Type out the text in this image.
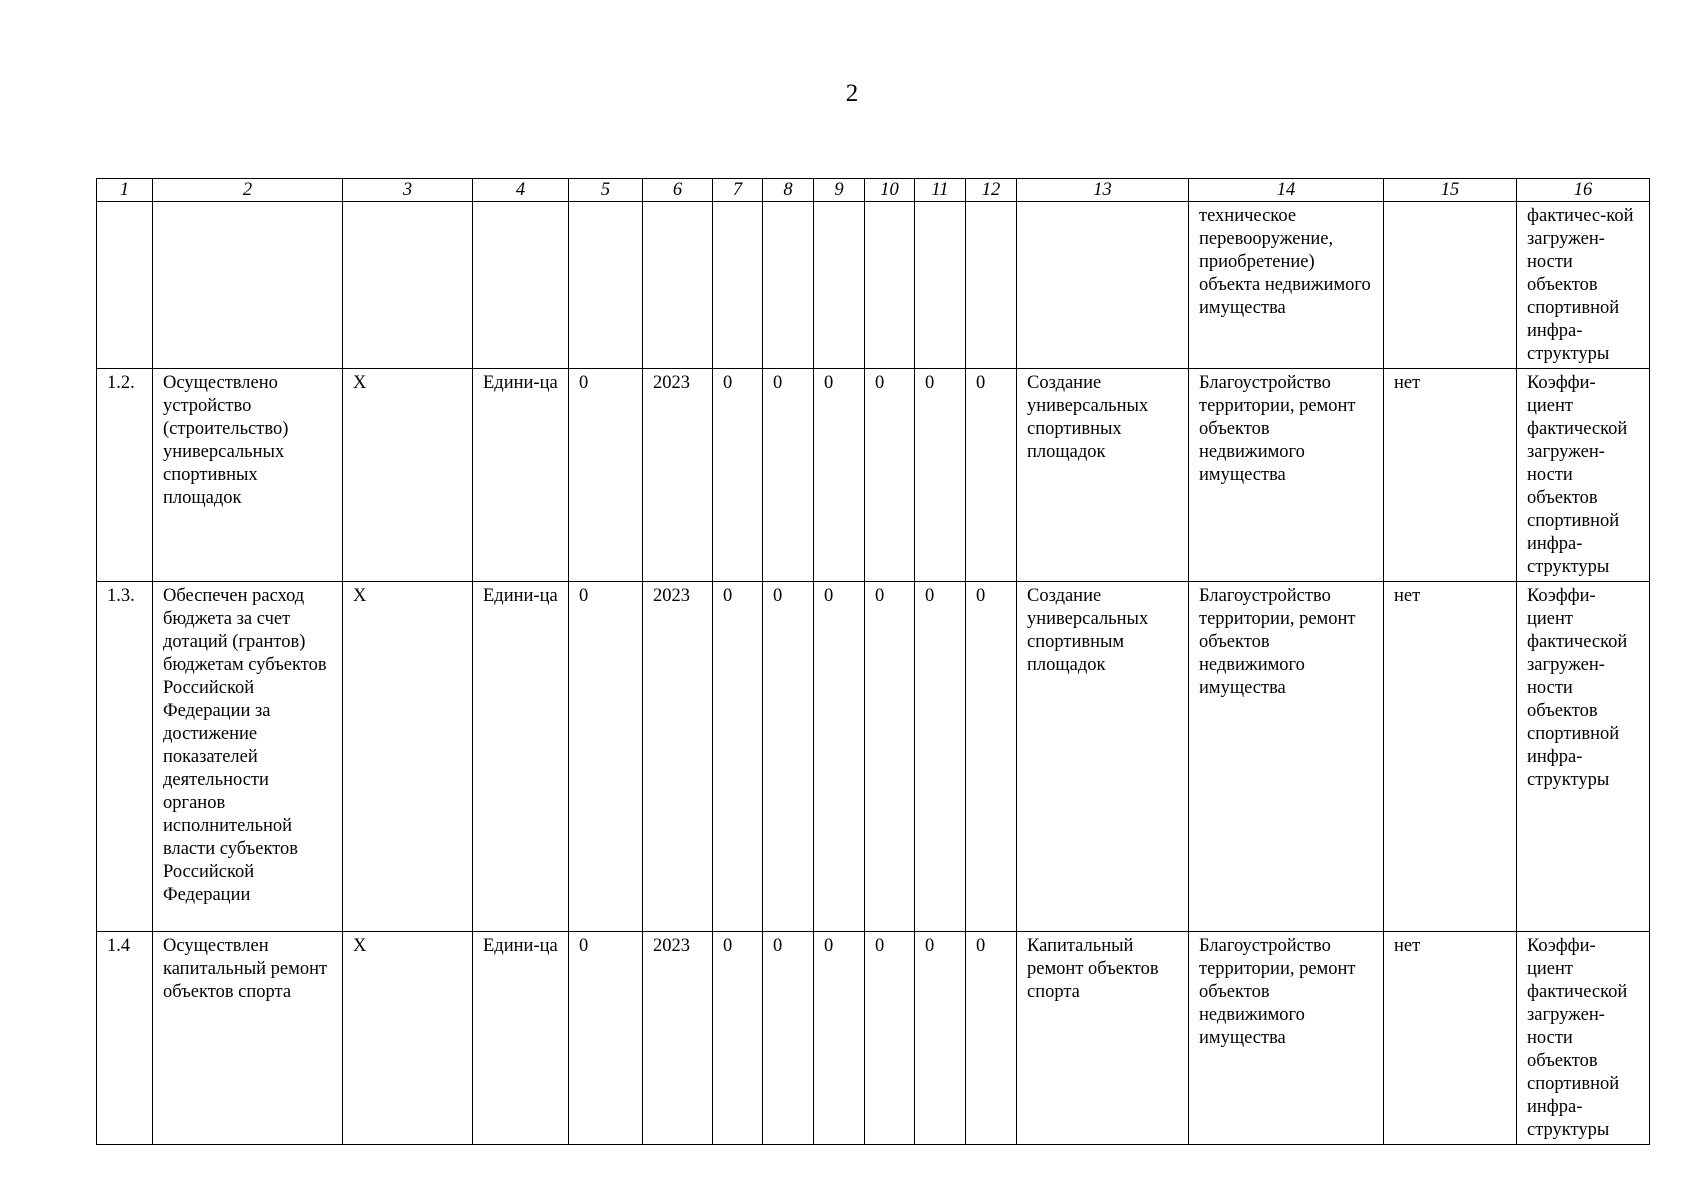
2
1	2	3	4	5	6	7	8	9	10	11	12	13	14	15	16
													техническое перевооружение, приобретение) объекта недвижимого имущества		фактичес-кой загружен-ности объектов спортивной инфра-структуры
1.2.	Осуществлено устройство (строительство) универсальных спортивных площадок	X	Едини-ца	0	2023	0	0	0	0	0	0	Создание универсальных спортивных площадок	Благоустройство территории, ремонт объектов недвижимого имущества	нет	Коэффи-циент фактической загружен-ности объектов спортивной инфра-структуры
1.3.	Обеспечен расход бюджета за счет дотаций (грантов) бюджетам субъектов Российской Федерации за достижение показателей деятельности органов исполнительной власти субъектов Российской Федерации	X	Едини-ца	0	2023	0	0	0	0	0	0	Создание универсальных спортивным площадок	Благоустройство территории, ремонт объектов недвижимого имущества	нет	Коэффи-циент фактической загружен-ности объектов спортивной инфра-структуры
1.4	Осуществлен капитальный ремонт объектов спорта	X	Едини-ца	0	2023	0	0	0	0	0	0	Капитальный ремонт объектов спорта	Благоустройство территории, ремонт объектов недвижимого имущества	нет	Коэффи-циент фактической загружен-ности объектов спортивной инфра-структуры
